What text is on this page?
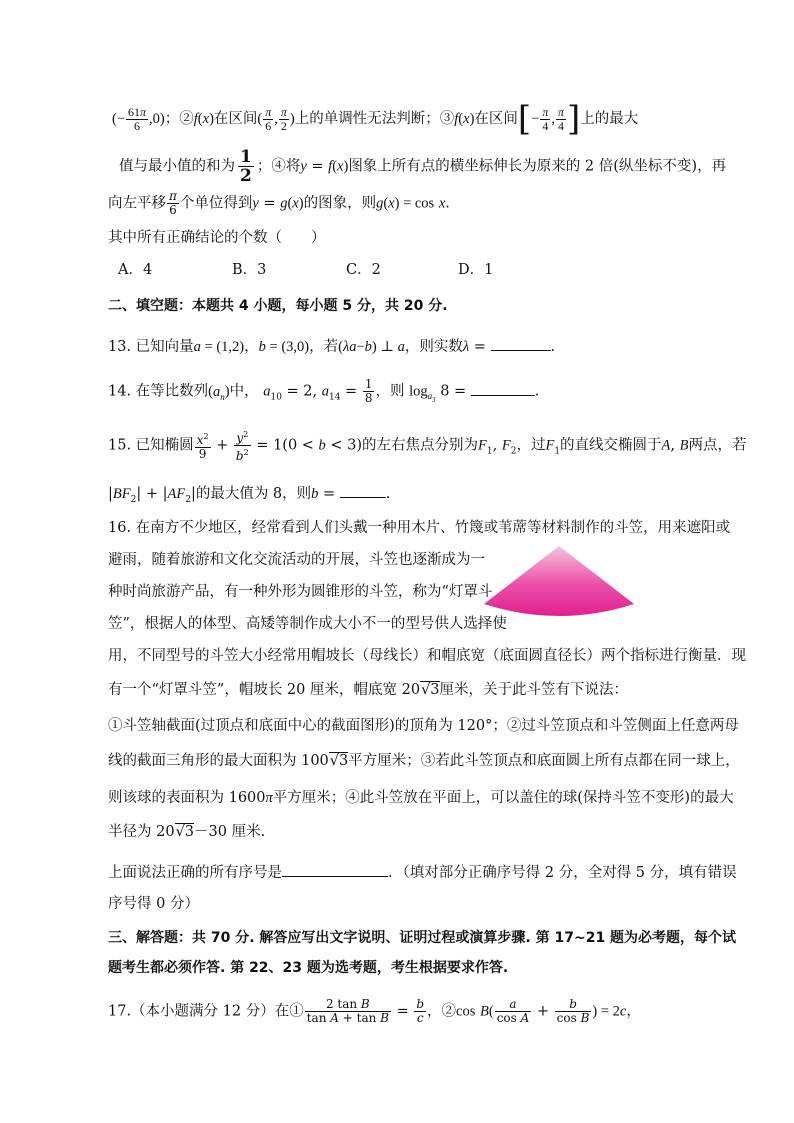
(− $\frac{61\pi}{6} ,0$)；②f(x)在区间( $\frac{\pi}{6}$ , $\frac{\pi}{2}$ )上的单调性无法判断；③f(x)在区间[− $\frac{\pi}{4}$ , $\frac{\pi}{4}$ ]上的最大
值与最小值的和为 $\frac{1}{2}$ ；④将y = f(x)图象上所有点的横坐标伸长为原来的 2 倍(纵坐标不变)，再
向左平移 $\frac{\pi}{6}$ 个单位得到y = g(x)的图象，则g(x) = cos x.
其中所有正确结论的个数（　　）
A．4	B．3	C．2	D．1
二、填空题：本题共 4 小题，每小题 5 分，共 20 分.
13. 已知向量a = (1,2)，b = (3,0)，若(λa−b) ⊥ a，则实数λ =	.
14. 在等比数列$(a_n)$中， $a_{10} = 2$, $a_{14} = \frac{1}{8}$ ，则 $\log_{a_3} 8$ =	.
15. 已知椭圆 $\frac{x^2}{9} + \frac{y^2}{b^2} = 1(0 < b < 3)$的左右焦点分别为$F_1$, $F_2$，过$F_1$的直线交椭圆于A, B两点，若
$|BF_2| + |AF_2|$的最大值为 8，则b =	.
16. 在南方不少地区，经常看到人们头戴一种用木片、竹篾或苇蓆等材料制作的斗笠，用来遮阳或
避雨，随着旅游和文化交流活动的开展，斗笠也逐渐成为一
种时尚旅游产品，有一种外形为圆锥形的斗笠，称为“灯罩斗
笠”，根据人的体型、高矮等制作成大小不一的型号供人选择使
用，不同型号的斗笠大小经常用帽坡长（母线长）和帽底宽（底面圆直径长）两个指标进行衡量．现
有一个“灯罩斗笠”，帽坡长 20 厘米，帽底宽 20√3厘米，关于此斗笠有下说法：
①斗笠轴截面(过顶点和底面中心的截面图形)的顶角为 120°；②过斗笠顶点和斗笠侧面上任意两母
线的截面三角形的最大面积为 100√3平方厘米；③若此斗笠顶点和底面圆上所有点都在同一球上，
则该球的表面积为 1600π平方厘米；④此斗笠放在平面上，可以盖住的球(保持斗笠不变形)的最大
半径为 20√3－30 厘米.
上面说法正确的所有序号是	．（填对部分正确序号得 2 分，全对得 5 分，填有错误
序号得 0 分）
三、解答题：共 70 分. 解答应写出文字说明、证明过程或演算步骤. 第 17~21 题为必考题，每个试
题考生都必须作答. 第 22、23 题为选考题，考生根据要求作答.
17.（本小题满分 12 分）在① $\frac{\text{2 tan B}}{\text{tan A + tan B}} = \frac{b}{c}$ ，②cos $B( \frac{a}{\text{cos A}} + \frac{b}{\text{cos B}}$ ) = 2c，
